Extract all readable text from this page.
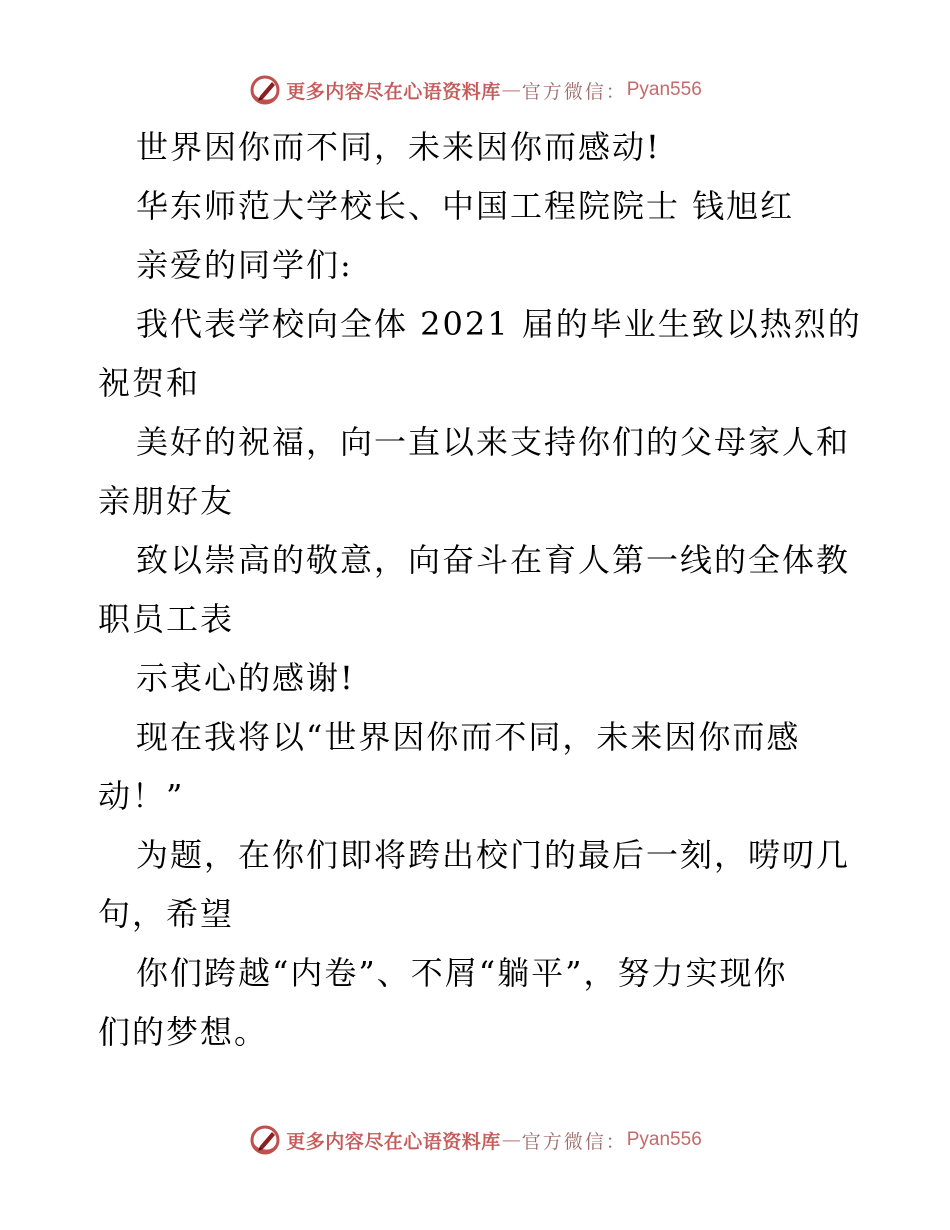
更多内容尽在心语资料库 — 官方微信： Pyan556
世界因你而不同，未来因你而感动!
华东师范大学校长、中国工程院院士 钱旭红
亲爱的同学们:
我代表学校向全体 2021 届的毕业生致以热烈的
祝贺和
美好的祝福，向一直以来支持你们的父母家人和
亲朋好友
致以崇高的敬意，向奋斗在育人第一线的全体教
职员工表
示衷心的感谢!
现在我将以“世界因你而不同，未来因你而感
动！”
为题，在你们即将跨出校门的最后一刻，唠叨几
句，希望
你们跨越“内卷”、不屑“躺平”，努力实现你
们的梦想。
更多内容尽在心语资料库 — 官方微信： Pyan556
